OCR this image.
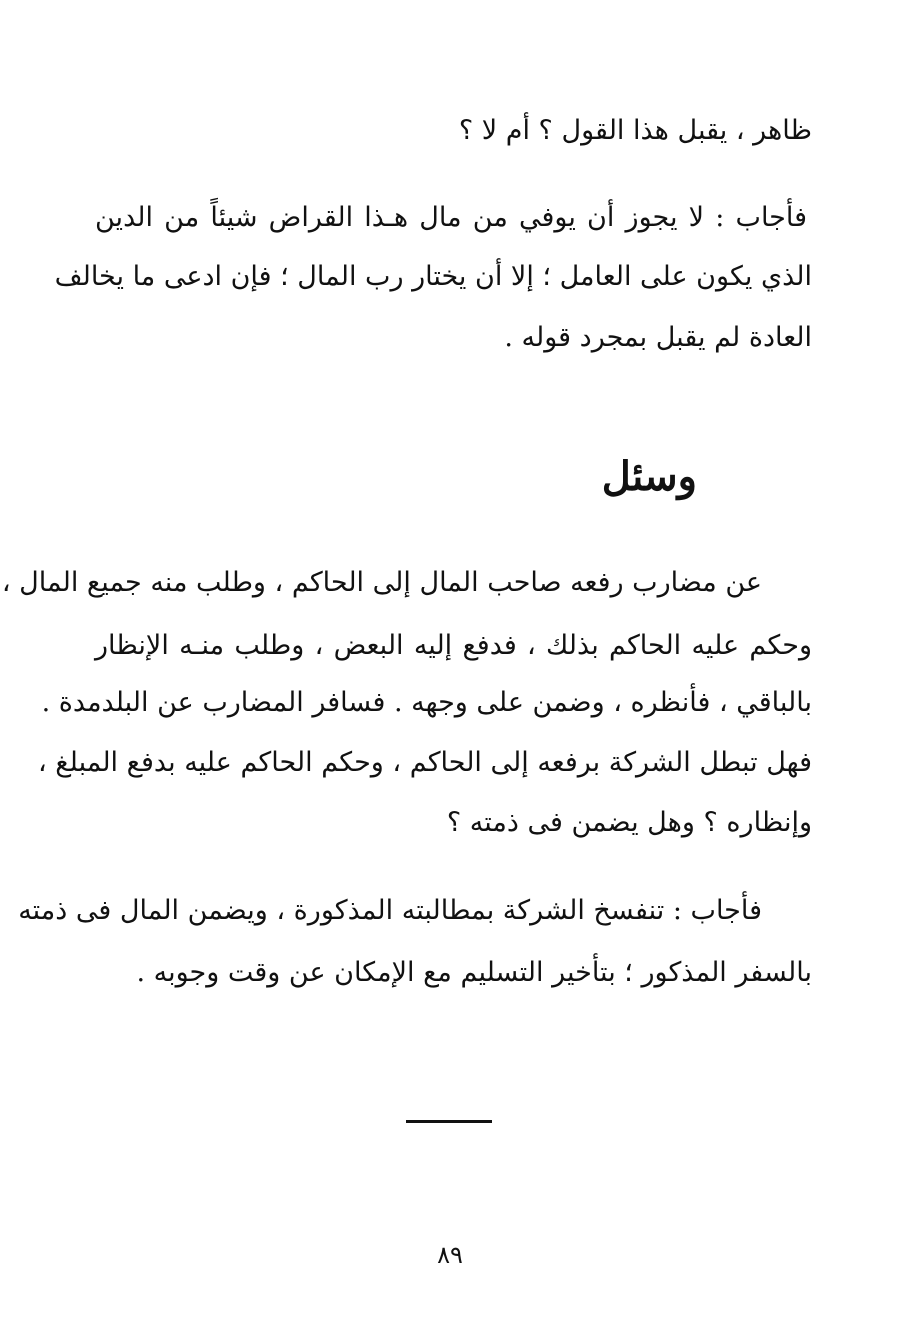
ظاهر ، يقبل هذا القول ؟ أم لا ؟
فأجاب : لا يجوز أن يوفي من مال هـذا القراض شيئاً من الدين
الذي يكون على العامل ؛ إلا أن يختار رب المال ؛ فإن ادعى ما يخالف
العادة لم يقبل بمجرد قوله .
وسئل
عن مضارب رفعه صاحب المال إلى الحاكم ، وطلب منه جميع المال ،
وحكم عليه الحاكم بذلك ، فدفع إليه البعض ، وطلب منـه الإنظار
بالباقي ، فأنظره ، وضمن على وجهه . فسافر المضارب عن البلدمدة .
فهل تبطل الشركة برفعه إلى الحاكم ، وحكم الحاكم عليه بدفع المبلغ ،
وإنظاره ؟ وهل يضمن فى ذمته ؟
فأجاب : تنفسخ الشركة بمطالبته المذكورة ، ويضمن المال فى ذمته
بالسفر المذكور ؛ بتأخير التسليم مع الإمكان عن وقت وجوبه .
٨٩
